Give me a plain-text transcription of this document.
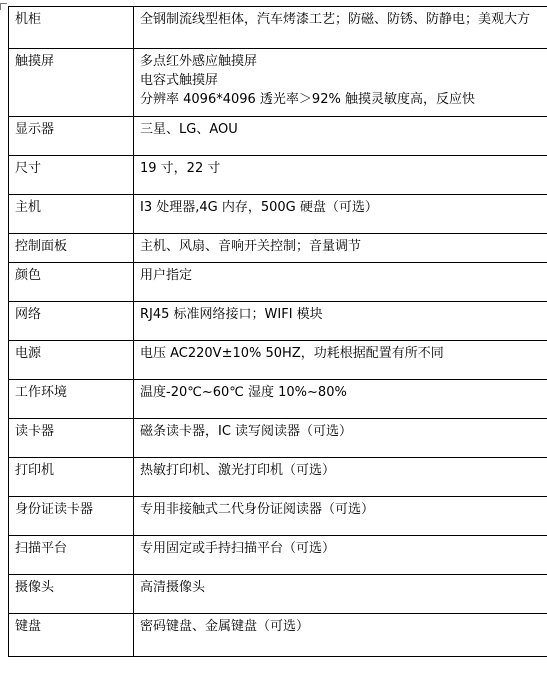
机柜	全钢制流线型柜体，汽车烤漆工艺；防磁、防锈、防静电；美观大方

触摸屏	多点红外感应触摸屏
电容式触摸屏
分辨率 4096*4096 透光率＞92% 触摸灵敏度高，反应快

显示器	三星、LG、AOU

尺寸	19 寸，22 寸

主机	I3 处理器,4G 内存，500G 硬盘（可选）

控制面板	主机、风扇、音响开关控制；音量调节

颜色	用户指定

网络	RJ45 标准网络接口；WIFI 模块

电源	电压 AC220V±10% 50HZ，功耗根据配置有所不同

工作环境	温度-20℃~60℃ 湿度 10%~80%

读卡器	磁条读卡器，IC 读写阅读器（可选）

打印机	热敏打印机、激光打印机（可选）

身份证读卡器	专用非接触式二代身份证阅读器（可选）

扫描平台	专用固定或手持扫描平台（可选）

摄像头	高清摄像头

键盘	密码键盘、金属键盘（可选）
